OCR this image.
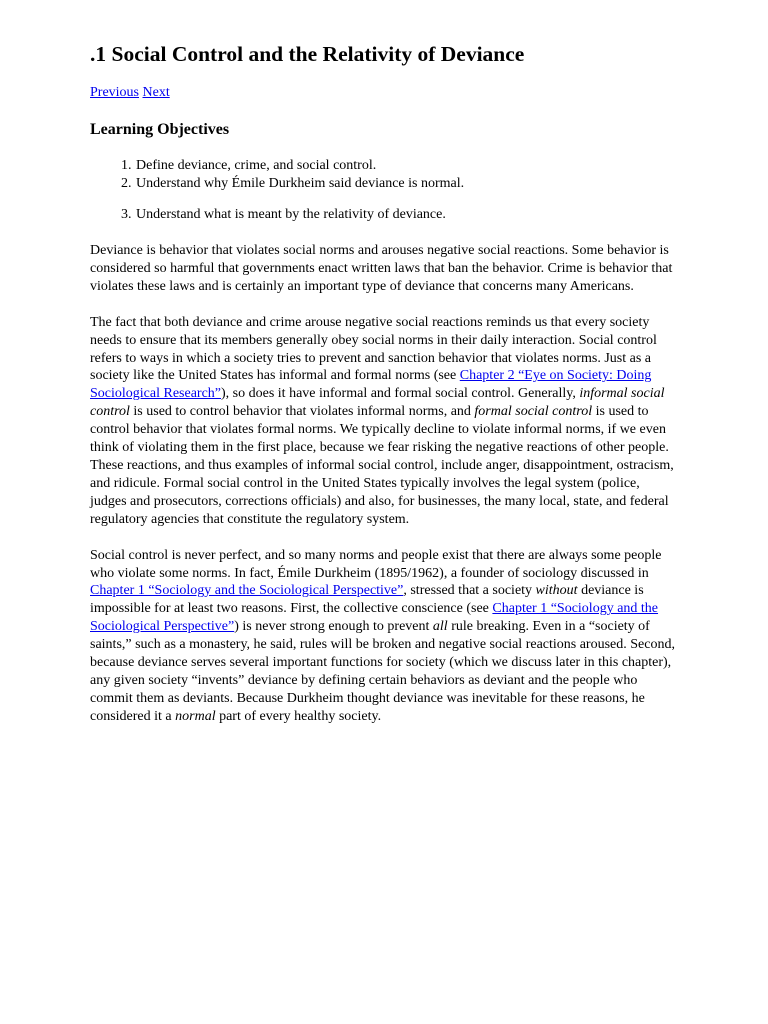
.1 Social Control and the Relativity of Deviance
Previous Next
Learning Objectives
1. Define deviance, crime, and social control.
2. Understand why Émile Durkheim said deviance is normal.
3. Understand what is meant by the relativity of deviance.

Deviance is behavior that violates social norms and arouses negative social reactions. Some behavior is considered so harmful that governments enact written laws that ban the behavior. Crime is behavior that violates these laws and is certainly an important type of deviance that concerns many Americans.

The fact that both deviance and crime arouse negative social reactions reminds us that every society needs to ensure that its members generally obey social norms in their daily interaction. Social control refers to ways in which a society tries to prevent and sanction behavior that violates norms. Just as a society like the United States has informal and formal norms (see Chapter 2 “Eye on Society: Doing Sociological Research”), so does it have informal and formal social control. Generally, informal social control is used to control behavior that violates informal norms, and formal social control is used to control behavior that violates formal norms. We typically decline to violate informal norms, if we even think of violating them in the first place, because we fear risking the negative reactions of other people. These reactions, and thus examples of informal social control, include anger, disappointment, ostracism, and ridicule. Formal social control in the United States typically involves the legal system (police, judges and prosecutors, corrections officials) and also, for businesses, the many local, state, and federal regulatory agencies that constitute the regulatory system.

Social control is never perfect, and so many norms and people exist that there are always some people who violate some norms. In fact, Émile Durkheim (1895/1962), a founder of sociology discussed in Chapter 1 “Sociology and the Sociological Perspective”, stressed that a society without deviance is impossible for at least two reasons. First, the collective conscience (see Chapter 1 “Sociology and the Sociological Perspective”) is never strong enough to prevent all rule breaking. Even in a “society of saints,” such as a monastery, he said, rules will be broken and negative social reactions aroused. Second, because deviance serves several important functions for society (which we discuss later in this chapter), any given society “invents” deviance by defining certain behaviors as deviant and the people who commit them as deviants. Because Durkheim thought deviance was inevitable for these reasons, he considered it a normal part of every healthy society.
